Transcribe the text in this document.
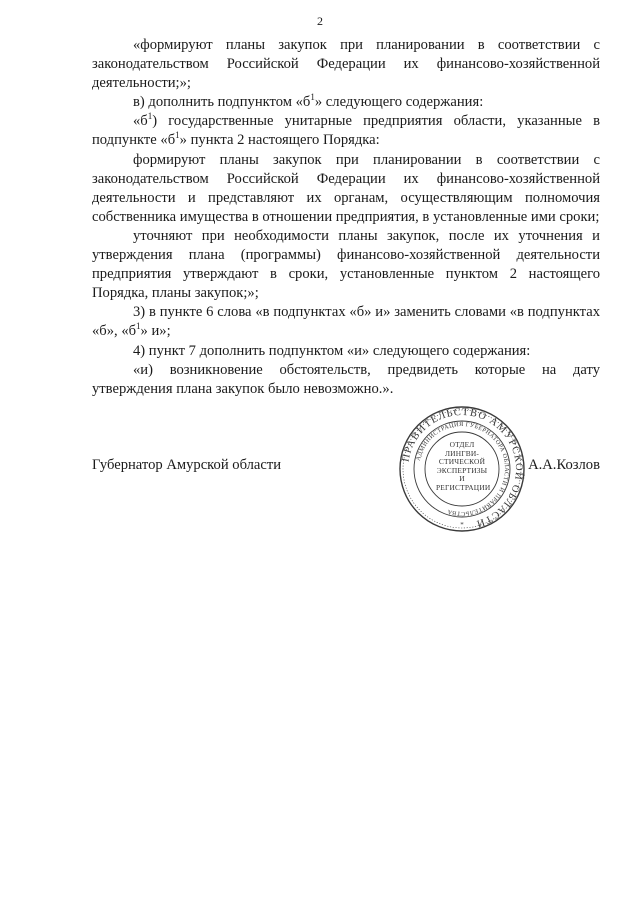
2

«формируют планы закупок при планировании в соответствии с законодательством Российской Федерации их финансово-хозяйственной деятельности;»;

в) дополнить подпунктом «$б^1$» следующего содержания:

«$б^1$) государственные унитарные предприятия области, указанные в подпункте «$б^1$» пункта 2 настоящего Порядка:

формируют планы закупок при планировании в соответствии с законодательством Российской Федерации их финансово-хозяйственной деятельности и представляют их органам, осуществляющим полномочия собственника имущества в отношении предприятия, в установленные ими сроки;

уточняют при необходимости планы закупок, после их уточнения и утверждения плана (программы) финансово-хозяйственной деятельности предприятия утверждают в сроки, установленные пунктом 2 настоящего Порядка, планы закупок;»;

3) в пункте 6 слова «в подпунктах «б» и» заменить словами «в подпунктах «б», «$б^1$» и»;

4) пункт 7 дополнить подпунктом «и» следующего содержания:

«и) возникновение обстоятельств, предвидеть которые на дату утверждения плана закупок было невозможно.».

Губернатор Амурской области	А.А.Козлов
ПРАВИТЕЛЬСТВО АМУРСКОЙ ОБЛАСТИ
АДМИНИСТРАЦИЯ ГУБЕРНАТОРА ОБЛАСТИ И ПРАВИТЕЛЬСТВА
*
ОТДЕЛ
ЛИНГВИ-
СТИЧЕСКОЙ
ЭКСПЕРТИЗЫ И
РЕГИСТРАЦИИ
